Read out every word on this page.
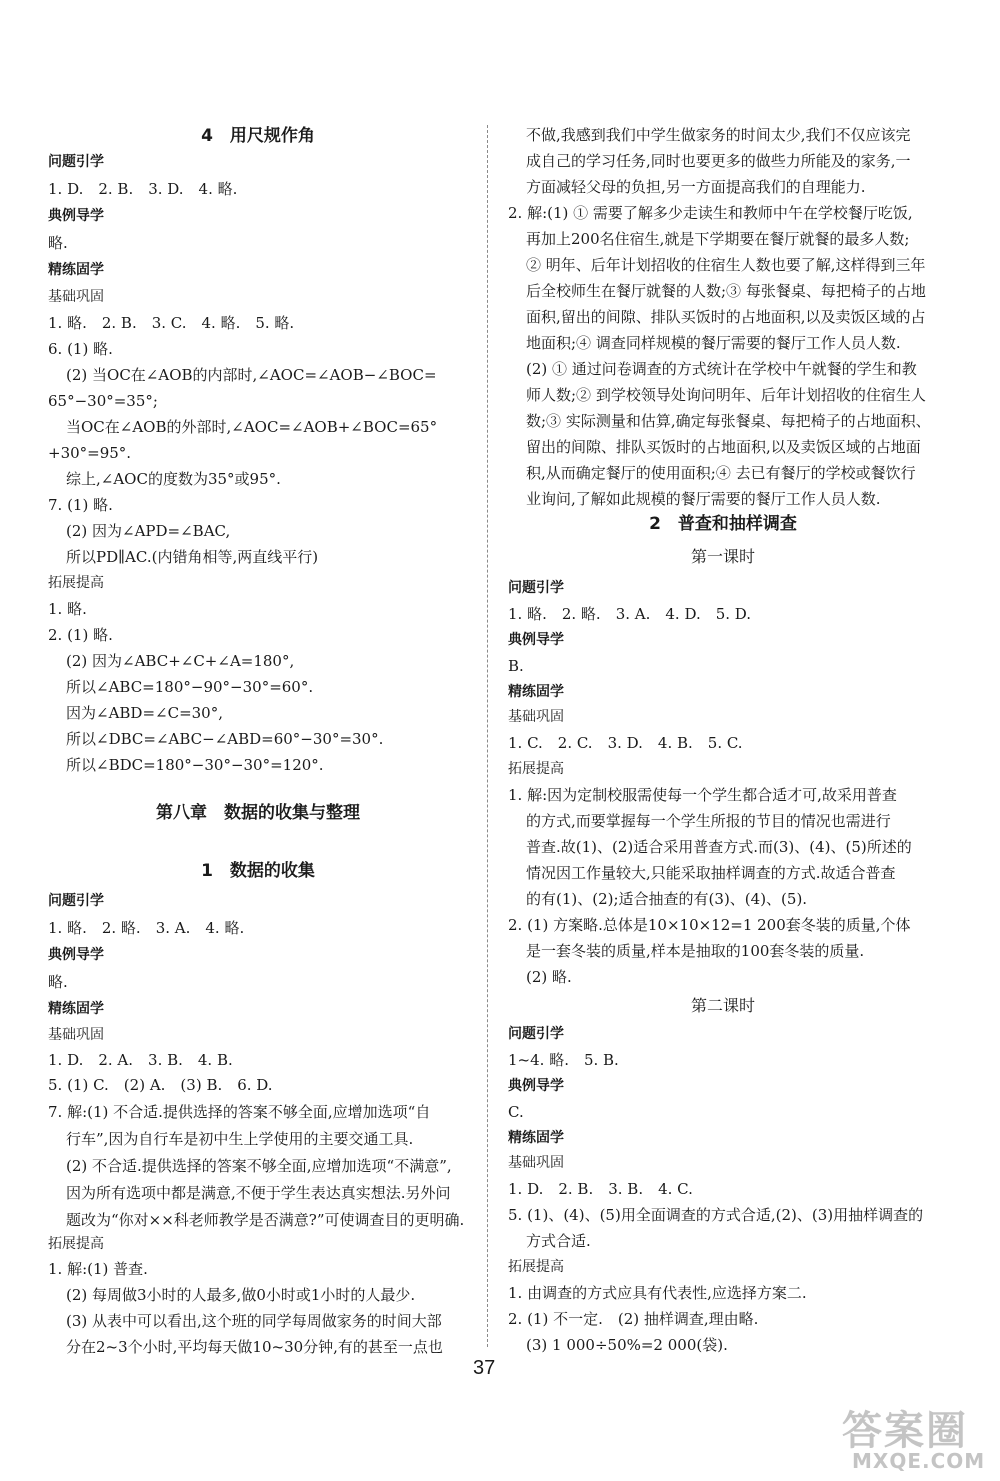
4　用尺规作角
问题引学
1. D.　2. B.　3. D.　4. 略.
典例导学
略.
精练固学
基础巩固
1. 略.　2. B.　3. C.　4. 略.　5. 略.
6. (1) 略.
(2) 当OC在∠AOB的内部时,∠AOC=∠AOB−∠BOC=
65°−30°=35°;
当OC在∠AOB的外部时,∠AOC=∠AOB+∠BOC=65°
+30°=95°.
综上,∠AOC的度数为35°或95°.
7. (1) 略.
(2) 因为∠APD=∠BAC,
所以PD∥AC.(内错角相等,两直线平行)
拓展提高
1. 略.
2. (1) 略.
(2) 因为∠ABC+∠C+∠A=180°,
所以∠ABC=180°−90°−30°=60°.
因为∠ABD=∠C=30°,
所以∠DBC=∠ABC−∠ABD=60°−30°=30°.
所以∠BDC=180°−30°−30°=120°.
第八章　数据的收集与整理
1　数据的收集
问题引学
1. 略.　2. 略.　3. A.　4. 略.
典例导学
略.
精练固学
基础巩固
1. D.　2. A.　3. B.　4. B.
5. (1) C.　(2) A.　(3) B.　6. D.
7. 解:(1) 不合适.提供选择的答案不够全面,应增加选项“自
行车”,因为自行车是初中生上学使用的主要交通工具.
(2) 不合适.提供选择的答案不够全面,应增加选项“不满意”,
因为所有选项中都是满意,不便于学生表达真实想法.另外问
题改为“你对××科老师教学是否满意?”可使调查目的更明确.
拓展提高
1. 解:(1) 普查.
(2) 每周做3小时的人最多,做0小时或1小时的人最少.
(3) 从表中可以看出,这个班的同学每周做家务的时间大部
分在2~3个小时,平均每天做10~30分钟,有的甚至一点也
不做,我感到我们中学生做家务的时间太少,我们不仅应该完
成自己的学习任务,同时也要更多的做些力所能及的家务,一
方面减轻父母的负担,另一方面提高我们的自理能力.
2. 解:(1) ① 需要了解多少走读生和教师中午在学校餐厅吃饭,
再加上200名住宿生,就是下学期要在餐厅就餐的最多人数;
② 明年、后年计划招收的住宿生人数也要了解,这样得到三年
后全校师生在餐厅就餐的人数;③ 每张餐桌、每把椅子的占地
面积,留出的间隙、排队买饭时的占地面积,以及卖饭区域的占
地面积;④ 调查同样规模的餐厅需要的餐厅工作人员人数.
(2) ① 通过问卷调查的方式统计在学校中午就餐的学生和教
师人数;② 到学校领导处询问明年、后年计划招收的住宿生人
数;③ 实际测量和估算,确定每张餐桌、每把椅子的占地面积、
留出的间隙、排队买饭时的占地面积,以及卖饭区域的占地面
积,从而确定餐厅的使用面积;④ 去已有餐厅的学校或餐饮行
业询问,了解如此规模的餐厅需要的餐厅工作人员人数.
2　普查和抽样调查
第一课时
问题引学
1. 略.　2. 略.　3. A.　4. D.　5. D.
典例导学
B.
精练固学
基础巩固
1. C.　2. C.　3. D.　4. B.　5. C.
拓展提高
1. 解:因为定制校服需使每一个学生都合适才可,故采用普查
的方式,而要掌握每一个学生所报的节目的情况也需进行
普查.故(1)、(2)适合采用普查方式.而(3)、(4)、(5)所述的
情况因工作量较大,只能采取抽样调查的方式.故适合普查
的有(1)、(2);适合抽查的有(3)、(4)、(5).
2. (1) 方案略.总体是10×10×12=1 200套冬装的质量,个体
是一套冬装的质量,样本是抽取的100套冬装的质量.
(2) 略.
第二课时
问题引学
1~4. 略.　5. B.
典例导学
C.
精练固学
基础巩固
1. D.　2. B.　3. B.　4. C.
5. (1)、(4)、(5)用全面调查的方式合适,(2)、(3)用抽样调查的
方式合适.
拓展提高
1. 由调查的方式应具有代表性,应选择方案二.
2. (1) 不一定.　(2) 抽样调查,理由略.
(3) 1 000÷50%=2 000(袋).
37
答案圈
MXQE.COM
